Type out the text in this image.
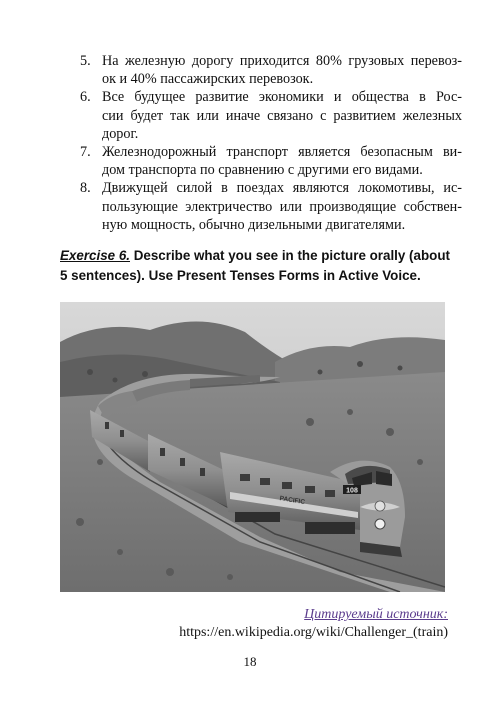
5. На железную дорогу приходится 80% грузовых перевоз-
ок и 40% пассажирских перевозок.
6. Все будущее развитие экономики и общества в Рос-
сии будет так или иначе связано с развитием железных
дорог.
7. Железнодорожный транспорт является безопасным ви-
дом транспорта по сравнению с другими его видами.
8. Движущей силой в поездах являются локомотивы, ис-
пользующие электричество или производящие собствен-
ную мощность, обычно дизельными двигателями.
Exercise 6. Describe what you see in the picture orally (about
5 sentences). Use Present Tenses Forms in Active Voice.
108
PACIFIC
Цитируемый источник:
https://en.wikipedia.org/wiki/Challenger_(train)
18
